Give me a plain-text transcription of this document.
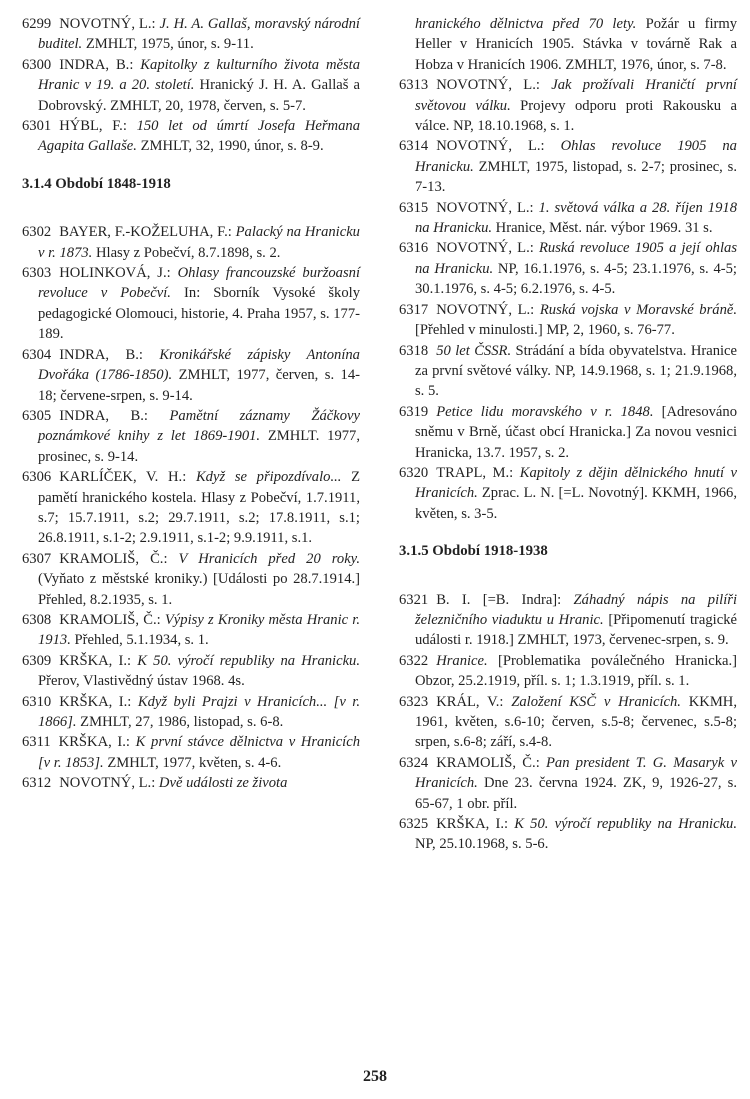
6299 NOVOTNÝ, L.: J. H. A. Gallaš, moravský národní buditel. ZMHLT, 1975, únor, s. 9-11.

6300 INDRA, B.: Kapitolky z kulturního života města Hranic v 19. a 20. století. Hranický J. H. A. Gallaš a Dobrovský. ZMHLT, 20, 1978, červen, s. 5-7.

6301 HÝBL, F.: 150 let od úmrtí Josefa Heřmana Agapita Gallaše. ZMHLT, 32, 1990, únor, s. 8-9.

3.1.4 Období 1848-1918

6302 BAYER, F.-KOŽELUHA, F.: Palacký na Hranicku v r. 1873. Hlasy z Pobečví, 8.7.1898, s. 2.

6303 HOLINKOVÁ, J.: Ohlasy francouzské buržoasní revoluce v Pobečví. In: Sborník Vysoké školy pedagogické Olomouci, historie, 4. Praha 1957, s. 177-189.

6304 INDRA, B.: Kronikářské zápisky Antonína Dvořáka (1786-1850). ZMHLT, 1977, červen, s. 14-18; červene-srpen, s. 9-14.

6305 INDRA, B.: Pamětní záznamy Žáčkovy poznámkové knihy z let 1869-1901. ZMHLT. 1977, prosinec, s. 9-14.

6306 KARLÍČEK, V. H.: Když se připozdívalo... Z pamětí hranického kostela. Hlasy z Pobečví, 1.7.1911, s.7; 15.7.1911, s.2; 29.7.1911, s.2; 17.8.1911, s.1; 26.8.1911, s.1-2; 2.9.1911, s.1-2; 9.9.1911, s.1.

6307 KRAMOLIŠ, Č.: V Hranicích před 20 roky. (Vyňato z městské kroniky.) [Události po 28.7.1914.] Přehled, 8.2.1935, s. 1.

6308 KRAMOLIŠ, Č.: Výpisy z Kroniky města Hranic r. 1913. Přehled, 5.1.1934, s. 1.

6309 KRŠKA, I.: K 50. výročí republiky na Hranicku. Přerov, Vlastivědný ústav 1968. 4s.

6310 KRŠKA, I.: Když byli Prajzi v Hranicích... [v r. 1866]. ZMHLT, 27, 1986, listopad, s. 6-8.

6311 KRŠKA, I.: K první stávce dělnictva v Hranicích [v r. 1853]. ZMHLT, 1977, květen, s. 4-6.

6312 NOVOTNÝ, L.: Dvě události ze života

hranického dělnictva před 70 lety. Požár u firmy Heller v Hranicích 1905. Stávka v továrně Rak a Hobza v Hranicích 1906. ZMHLT, 1976, únor, s. 7-8.

6313 NOVOTNÝ, L.: Jak prožívali Hraničtí první světovou válku. Projevy odporu proti Rakousku a válce. NP, 18.10.1968, s. 1.

6314 NOVOTNÝ, L.: Ohlas revoluce 1905 na Hranicku. ZMHLT, 1975, listopad, s. 2-7; prosinec, s. 7-13.

6315 NOVOTNÝ, L.: 1. světová válka a 28. říjen 1918 na Hranicku. Hranice, Měst. nár. výbor 1969. 31 s.

6316 NOVOTNÝ, L.: Ruská revoluce 1905 a její ohlas na Hranicku. NP, 16.1.1976, s. 4-5; 23.1.1976, s. 4-5; 30.1.1976, s. 4-5; 6.2.1976, s. 4-5.

6317 NOVOTNÝ, L.: Ruská vojska v Moravské bráně. [Přehled v minulosti.] MP, 2, 1960, s. 76-77.

6318 50 let ČSSR. Strádání a bída obyvatelstva. Hranice za první světové války. NP, 14.9.1968, s. 1; 21.9.1968, s. 5.

6319 Petice lidu moravského v r. 1848. [Adresováno sněmu v Brně, účast obcí Hranicka.] Za novou vesnici Hranicka, 13.7. 1957, s. 2.

6320 TRAPL, M.: Kapitoly z dějin dělnického hnutí v Hranicích. Zprac. L. N. [=L. Novotný]. KKMH, 1966, květen, s. 3-5.

3.1.5 Období 1918-1938

6321 B. I. [=B. Indra]: Záhadný nápis na pilíři železničního viaduktu u Hranic. [Připomenutí tragické události r. 1918.] ZMHLT, 1973, červenec-srpen, s. 9.

6322 Hranice. [Problematika poválečného Hranicka.] Obzor, 25.2.1919, příl. s. 1; 1.3.1919, příl. s. 1.

6323 KRÁL, V.: Založení KSČ v Hranicích. KKMH, 1961, květen, s.6-10; červen, s.5-8; červenec, s.5-8; srpen, s.6-8; září, s.4-8.

6324 KRAMOLIŠ, Č.: Pan president T. G. Masaryk v Hranicích. Dne 23. června 1924. ZK, 9, 1926-27, s. 65-67, 1 obr. příl.

6325 KRŠKA, I.: K 50. výročí republiky na Hranicku. NP, 25.10.1968, s. 5-6.

258
